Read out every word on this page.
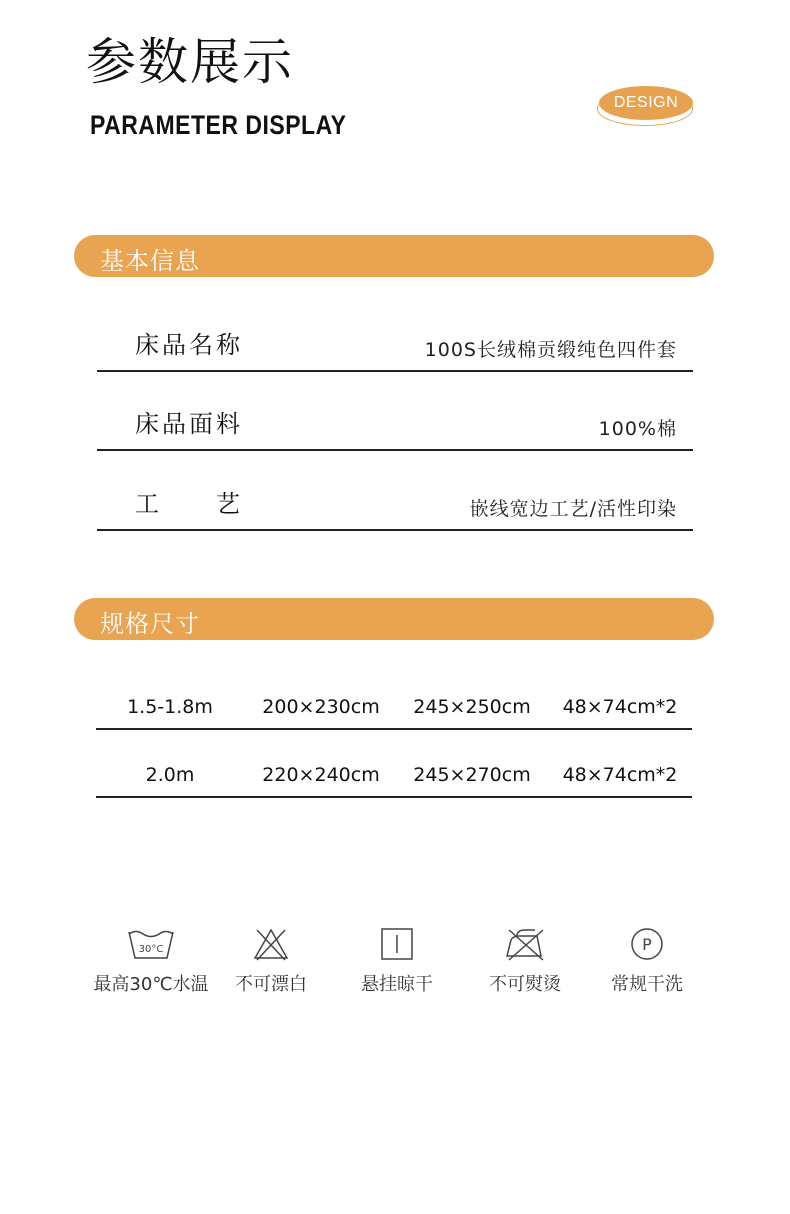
参数展示
PARAMETER DISPLAY
DESIGN
基本信息
床品名称	100S长绒棉贡缎纯色四件套
床品面料	100%棉
工　　艺	嵌线宽边工艺/活性印染
规格尺寸
1.5-1.8m	200×230cm	245×250cm	48×74cm*2
2.0m	220×240cm	245×270cm	48×74cm*2
30°C
最高30℃水温	不可漂白	悬挂晾干	不可熨烫
P
常规干洗
